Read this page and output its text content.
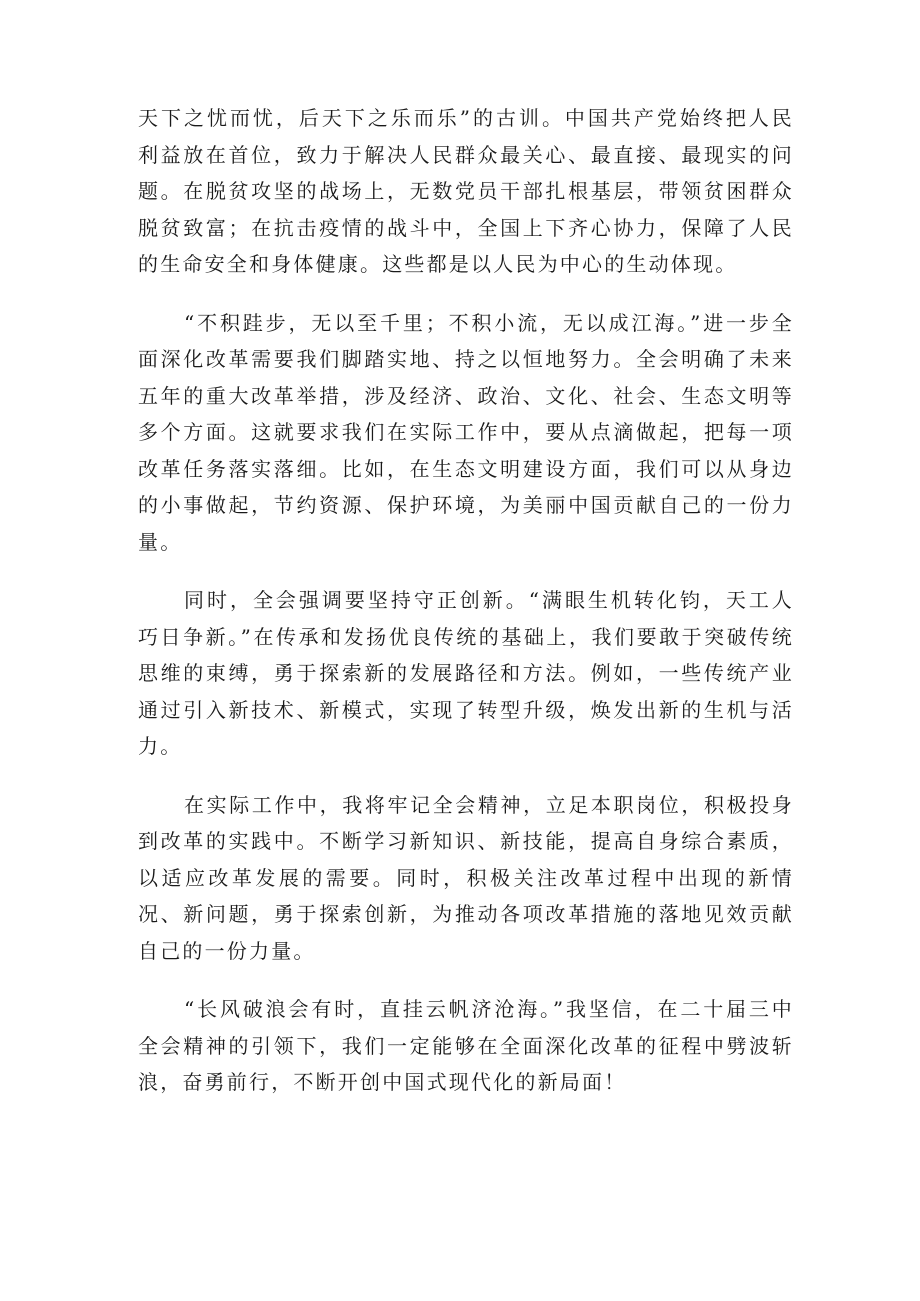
天下之忧而忧，后天下之乐而乐”的古训。中国共产党始终把人民利益放在首位，致力于解决人民群众最关心、最直接、最现实的问题。在脱贫攻坚的战场上，无数党员干部扎根基层，带领贫困群众脱贫致富；在抗击疫情的战斗中，全国上下齐心协力，保障了人民的生命安全和身体健康。这些都是以人民为中心的生动体现。

“不积跬步，无以至千里；不积小流，无以成江海。”进一步全面深化改革需要我们脚踏实地、持之以恒地努力。全会明确了未来五年的重大改革举措，涉及经济、政治、文化、社会、生态文明等多个方面。这就要求我们在实际工作中，要从点滴做起，把每一项改革任务落实落细。比如，在生态文明建设方面，我们可以从身边的小事做起，节约资源、保护环境，为美丽中国贡献自己的一份力量。

同时，全会强调要坚持守正创新。“满眼生机转化钧，天工人巧日争新。”在传承和发扬优良传统的基础上，我们要敢于突破传统思维的束缚，勇于探索新的发展路径和方法。例如，一些传统产业通过引入新技术、新模式，实现了转型升级，焕发出新的生机与活力。

在实际工作中，我将牢记全会精神，立足本职岗位，积极投身到改革的实践中。不断学习新知识、新技能，提高自身综合素质，以适应改革发展的需要。同时，积极关注改革过程中出现的新情况、新问题，勇于探索创新，为推动各项改革措施的落地见效贡献自己的一份力量。

“长风破浪会有时，直挂云帆济沧海。”我坚信，在二十届三中全会精神的引领下，我们一定能够在全面深化改革的征程中劈波斩浪，奋勇前行，不断开创中国式现代化的新局面！
